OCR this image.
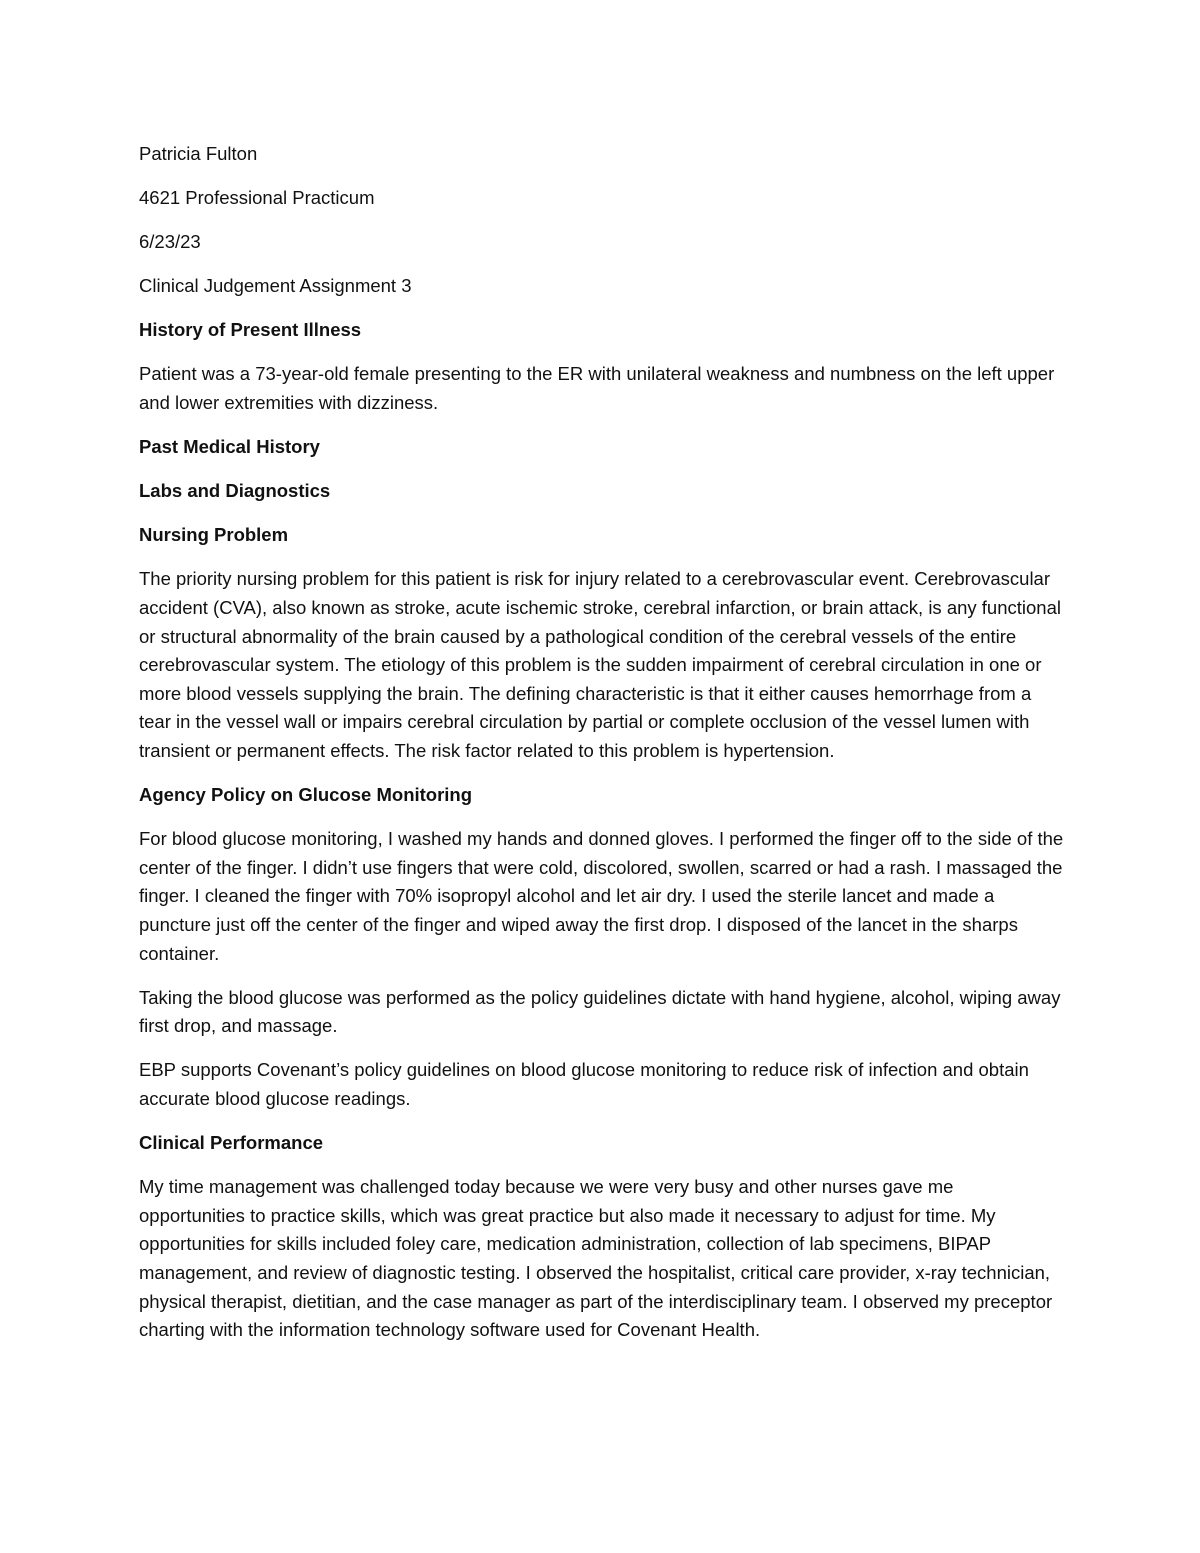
Patricia Fulton

4621 Professional Practicum

6/23/23

Clinical Judgement Assignment 3

History of Present Illness

Patient was a 73-year-old female presenting to the ER with unilateral weakness and numbness on the left upper and lower extremities with dizziness.

Past Medical History

Labs and Diagnostics

Nursing Problem

The priority nursing problem for this patient is risk for injury related to a cerebrovascular event. Cerebrovascular accident (CVA), also known as stroke, acute ischemic stroke, cerebral infarction, or brain attack, is any functional or structural abnormality of the brain caused by a pathological condition of the cerebral vessels of the entire cerebrovascular system. The etiology of this problem is the sudden impairment of cerebral circulation in one or more blood vessels supplying the brain. The defining characteristic is that it either causes hemorrhage from a tear in the vessel wall or impairs cerebral circulation by partial or complete occlusion of the vessel lumen with transient or permanent effects. The risk factor related to this problem is hypertension.

Agency Policy on Glucose Monitoring

For blood glucose monitoring, I washed my hands and donned gloves. I performed the finger off to the side of the center of the finger. I didn’t use fingers that were cold, discolored, swollen, scarred or had a rash. I massaged the finger. I cleaned the finger with 70% isopropyl alcohol and let air dry. I used the sterile lancet and made a puncture just off the center of the finger and wiped away the first drop. I disposed of the lancet in the sharps container.

Taking the blood glucose was performed as the policy guidelines dictate with hand hygiene, alcohol, wiping away first drop, and massage.

EBP supports Covenant’s policy guidelines on blood glucose monitoring to reduce risk of infection and obtain accurate blood glucose readings.

Clinical Performance

My time management was challenged today because we were very busy and other nurses gave me opportunities to practice skills, which was great practice but also made it necessary to adjust for time. My opportunities for skills included foley care, medication administration, collection of lab specimens, BIPAP management, and review of diagnostic testing. I observed the hospitalist, critical care provider, x-ray technician, physical therapist, dietitian, and the case manager as part of the interdisciplinary team. I observed my preceptor charting with the information technology software used for Covenant Health.
